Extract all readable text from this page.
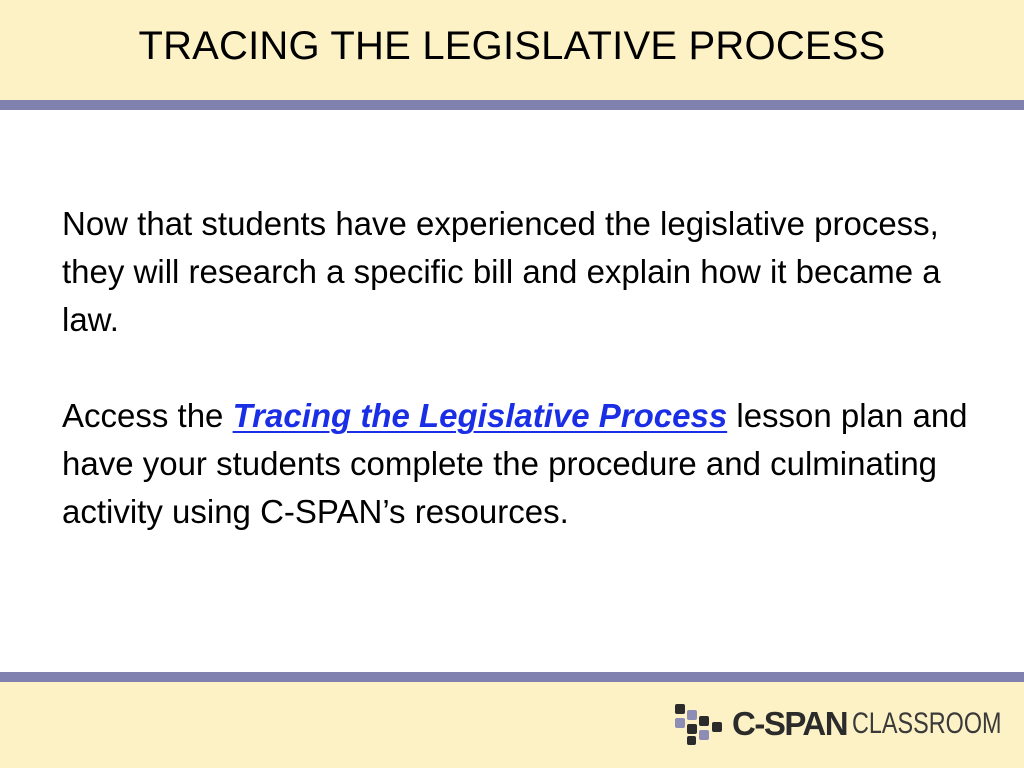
TRACING THE LEGISLATIVE PROCESS

Now that students have experienced the legislative process, they will research a specific bill and explain how it became a law.

Access the Tracing the Legislative Process lesson plan and have your students complete the procedure and culminating activity using C-SPAN’s resources.

C-SPAN CLASSROOM
